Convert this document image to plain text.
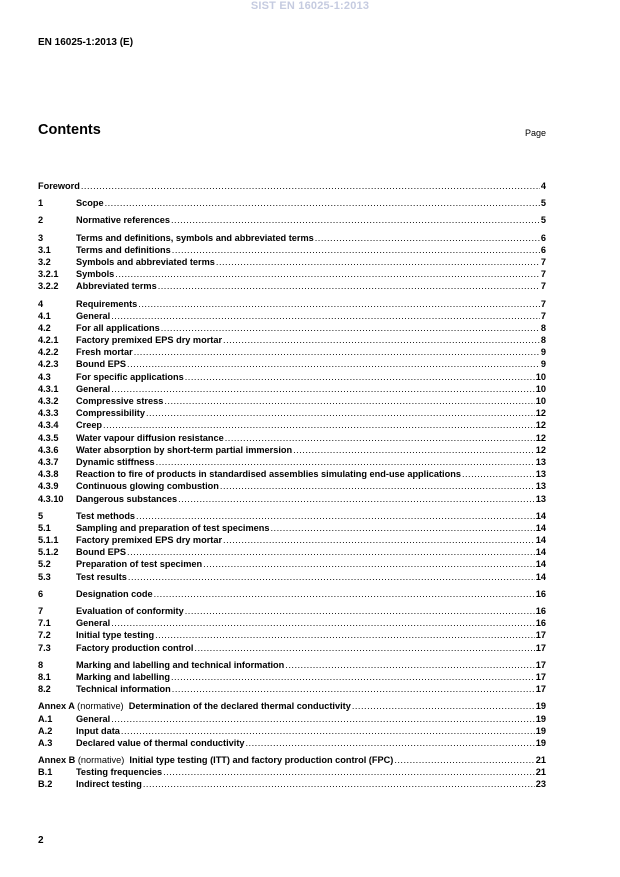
SIST EN 16025-1:2013
EN 16025-1:2013 (E)
Contents	Page
Foreword .....	4
1	Scope .....	5
2	Normative references .....	5
3	Terms and definitions, symbols and abbreviated terms .....	6
3.1	Terms and definitions .....	6
3.2	Symbols and abbreviated terms .....	7
3.2.1	Symbols .....	7
3.2.2	Abbreviated terms .....	7
4	Requirements .....	7
4.1	General .....	7
4.2	For all applications .....	8
4.2.1	Factory premixed EPS dry mortar .....	8
4.2.2	Fresh mortar .....	9
4.2.3	Bound EPS .....	9
4.3	For specific applications .....	10
4.3.1	General .....	10
4.3.2	Compressive stress .....	10
4.3.3	Compressibility .....	12
4.3.4	Creep .....	12
4.3.5	Water vapour diffusion resistance .....	12
4.3.6	Water absorption by short-term partial immersion .....	12
4.3.7	Dynamic stiffness .....	13
4.3.8	Reaction to fire of products in standardised assemblies simulating end-use applications .....	13
4.3.9	Continuous glowing combustion .....	13
4.3.10	Dangerous substances .....	13
5	Test methods .....	14
5.1	Sampling and preparation of test specimens .....	14
5.1.1	Factory premixed EPS dry mortar .....	14
5.1.2	Bound EPS .....	14
5.2	Preparation of test specimen .....	14
5.3	Test results .....	14
6	Designation code .....	16
7	Evaluation of conformity .....	16
7.1	General .....	16
7.2	Initial type testing .....	17
7.3	Factory production control .....	17
8	Marking and labelling and technical information .....	17
8.1	Marking and labelling .....	17
8.2	Technical information .....	17
Annex A (normative) Determination of the declared thermal conductivity .....	19
A.1	General .....	19
A.2	Input data .....	19
A.3	Declared value of thermal conductivity .....	19
Annex B (normative) Initial type testing (ITT) and factory production control (FPC) .....	21
B.1	Testing frequencies .....	21
B.2	Indirect testing .....	23
2
